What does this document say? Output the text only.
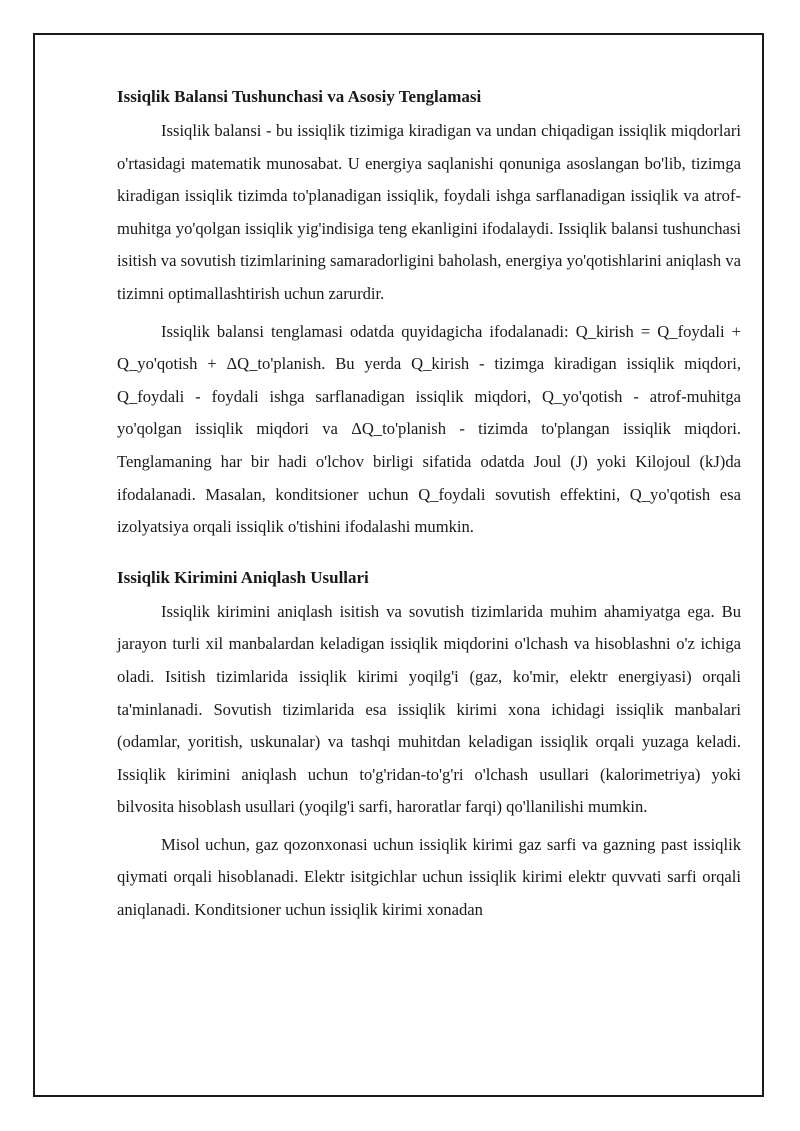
Issiqlik Balansi Tushunchasi va Asosiy Tenglamasi

Issiqlik balansi - bu issiqlik tizimiga kiradigan va undan chiqadigan issiqlik miqdorlari o'rtasidagi matematik munosabat. U energiya saqlanishi qonuniga asoslangan bo'lib, tizimga kiradigan issiqlik tizimda to'planadigan issiqlik, foydali ishga sarflanadigan issiqlik va atrof-muhitga yo'qolgan issiqlik yig'indisiga teng ekanligini ifodalaydi. Issiqlik balansi tushunchasi isitish va sovutish tizimlarining samaradorligini baholash, energiya yo'qotishlarini aniqlash va tizimni optimallashtirish uchun zarurdir.

Issiqlik balansi tenglamasi odatda quyidagicha ifodalanadi: Q_kirish = Q_foydali + Q_yo'qotish + ΔQ_to'planish. Bu yerda Q_kirish - tizimga kiradigan issiqlik miqdori, Q_foydali - foydali ishga sarflanadigan issiqlik miqdori, Q_yo'qotish - atrof-muhitga yo'qolgan issiqlik miqdori va ΔQ_to'planish - tizimda to'plangan issiqlik miqdori. Tenglamaning har bir hadi o'lchov birligi sifatida odatda Joul (J) yoki Kilojoul (kJ)da ifodalanadi. Masalan, konditsioner uchun Q_foydali sovutish effektini, Q_yo'qotish esa izolyatsiya orqali issiqlik o'tishini ifodalashi mumkin.

Issiqlik Kirimini Aniqlash Usullari

Issiqlik kirimini aniqlash isitish va sovutish tizimlarida muhim ahamiyatga ega. Bu jarayon turli xil manbalardan keladigan issiqlik miqdorini o'lchash va hisoblashni o'z ichiga oladi. Isitish tizimlarida issiqlik kirimi yoqilg'i (gaz, ko'mir, elektr energiyasi) orqali ta'minlanadi. Sovutish tizimlarida esa issiqlik kirimi xona ichidagi issiqlik manbalari (odamlar, yoritish, uskunalar) va tashqi muhitdan keladigan issiqlik orqali yuzaga keladi. Issiqlik kirimini aniqlash uchun to'g'ridan-to'g'ri o'lchash usullari (kalorimetriya) yoki bilvosita hisoblash usullari (yoqilg'i sarfi, haroratlar farqi) qo'llanilishi mumkin.

Misol uchun, gaz qozonxonasi uchun issiqlik kirimi gaz sarfi va gazning past issiqlik qiymati orqali hisoblanadi. Elektr isitgichlar uchun issiqlik kirimi elektr quvvati sarfi orqali aniqlanadi. Konditsioner uchun issiqlik kirimi xonadan
